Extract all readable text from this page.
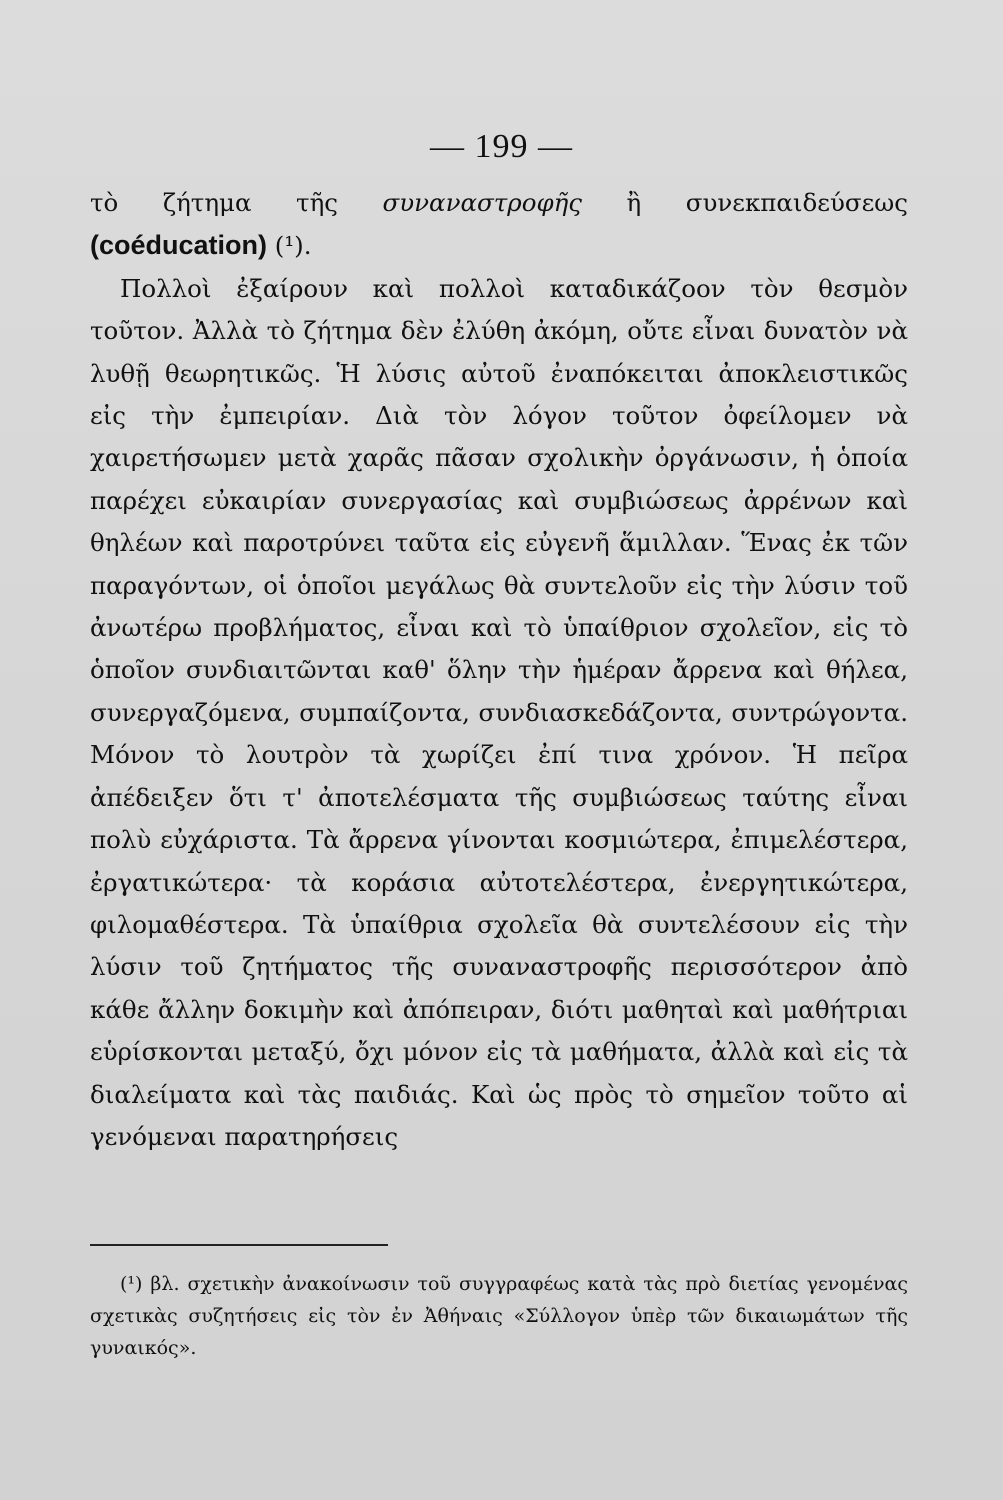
— 199 —

τὸ ζήτημα τῆς συναναστροφῆς ἢ συνεκπαιδεύσεως (coéducation) (¹).

Πολλοὶ ἐξαίρουν καὶ πολλοὶ καταδικάζοον τὸν θεσμὸν τοῦτον. Ἀλλὰ τὸ ζήτημα δὲν ἐλύθη ἀκόμη, οὔτε εἶναι δυνατὸν νὰ λυθῇ θεωρητικῶς. Ἡ λύσις αὐτοῦ ἐναπόκειται ἀποκλειστικῶς εἰς τὴν ἐμπειρίαν. Διὰ τὸν λόγον τοῦτον ὀφείλομεν νὰ χαιρετήσωμεν μετὰ χαρᾶς πᾶσαν σχολικὴν ὀργάνωσιν, ἡ ὁποία παρέχει εὐκαιρίαν συνεργασίας καὶ συμβιώσεως ἀρρένων καὶ θηλέων καὶ παροτρύνει ταῦτα εἰς εὐγενῆ ἅμιλλαν. Ἕνας ἐκ τῶν παραγόντων, οἱ ὁποῖοι μεγάλως θὰ συντελοῦν εἰς τὴν λύσιν τοῦ ἀνωτέρω προβλήματος, εἶναι καὶ τὸ ὑπαίθριον σχολεῖον, εἰς τὸ ὁποῖον συνδιαιτῶνται καθ' ὅλην τὴν ἡμέραν ἄρρενα καὶ θήλεα, συνεργαζόμενα, συμπαίζοντα, συνδιασκεδάζοντα, συντρώγοντα. Μόνον τὸ λουτρὸν τὰ χωρίζει ἐπί τινα χρόνον. Ἡ πεῖρα ἀπέδειξεν ὅτι τ' ἀποτελέσματα τῆς συμβιώσεως ταύτης εἶναι πολὺ εὐχάριστα. Τὰ ἄρρενα γίνονται κοσμιώτερα, ἐπιμελέστερα, ἐργατικώτερα· τὰ κοράσια αὐτοτελέστερα, ἐνεργητικώτερα, φιλομαθέστερα. Τὰ ὑπαίθρια σχολεῖα θὰ συντελέσουν εἰς τὴν λύσιν τοῦ ζητήματος τῆς συναναστροφῆς περισσότερον ἀπὸ κάθε ἄλλην δοκιμὴν καὶ ἀπόπειραν, διότι μαθηταὶ καὶ μαθήτριαι εὑρίσκονται μεταξύ, ὄχι μόνον εἰς τὰ μαθήματα, ἀλλὰ καὶ εἰς τὰ διαλείματα καὶ τὰς παιδιάς. Καὶ ὡς πρὸς τὸ σημεῖον τοῦτο αἱ γενόμεναι παρατηρήσεις

(¹) βλ. σχετικὴν ἀνακοίνωσιν τοῦ συγγραφέως κατὰ τὰς πρὸ διετίας γενομένας σχετικὰς συζητήσεις εἰς τὸν ἐν Ἀθήναις «Σύλλογον ὑπὲρ τῶν δικαιωμάτων τῆς γυναικός».
